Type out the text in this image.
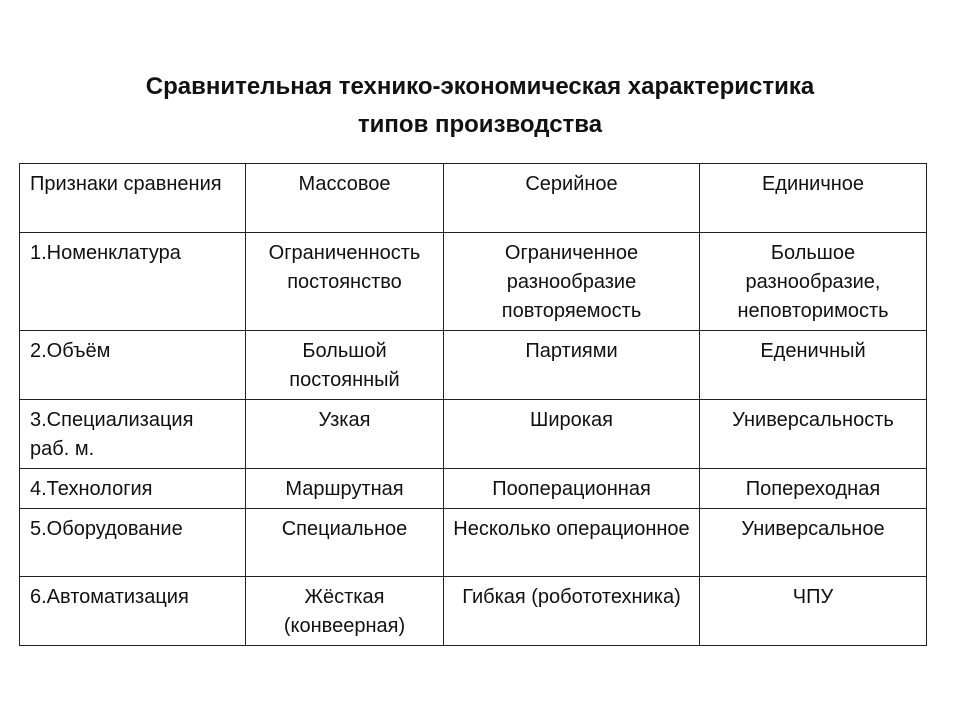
Сравнительная технико-экономическая характеристика
типов производства
Признаки сравнения	Массовое	Серийное	Единичное

1.Номенклатура	Ограниченность постоянство	Ограниченное разнообразие повторяемость	Большое разнообразие, неповторимость

2.Объём	Большой постоянный	Партиями	Еденичный

3.Специализация раб. м.	Узкая	Широкая	Универсальность

4.Технология	Маршрутная	Пооперационная	Попереходная

5.Оборудование	Специальное	Несколько операционное	Универсальное

6.Автоматизация	Жёсткая (конвеерная)	Гибкая (робототехника)	ЧПУ
